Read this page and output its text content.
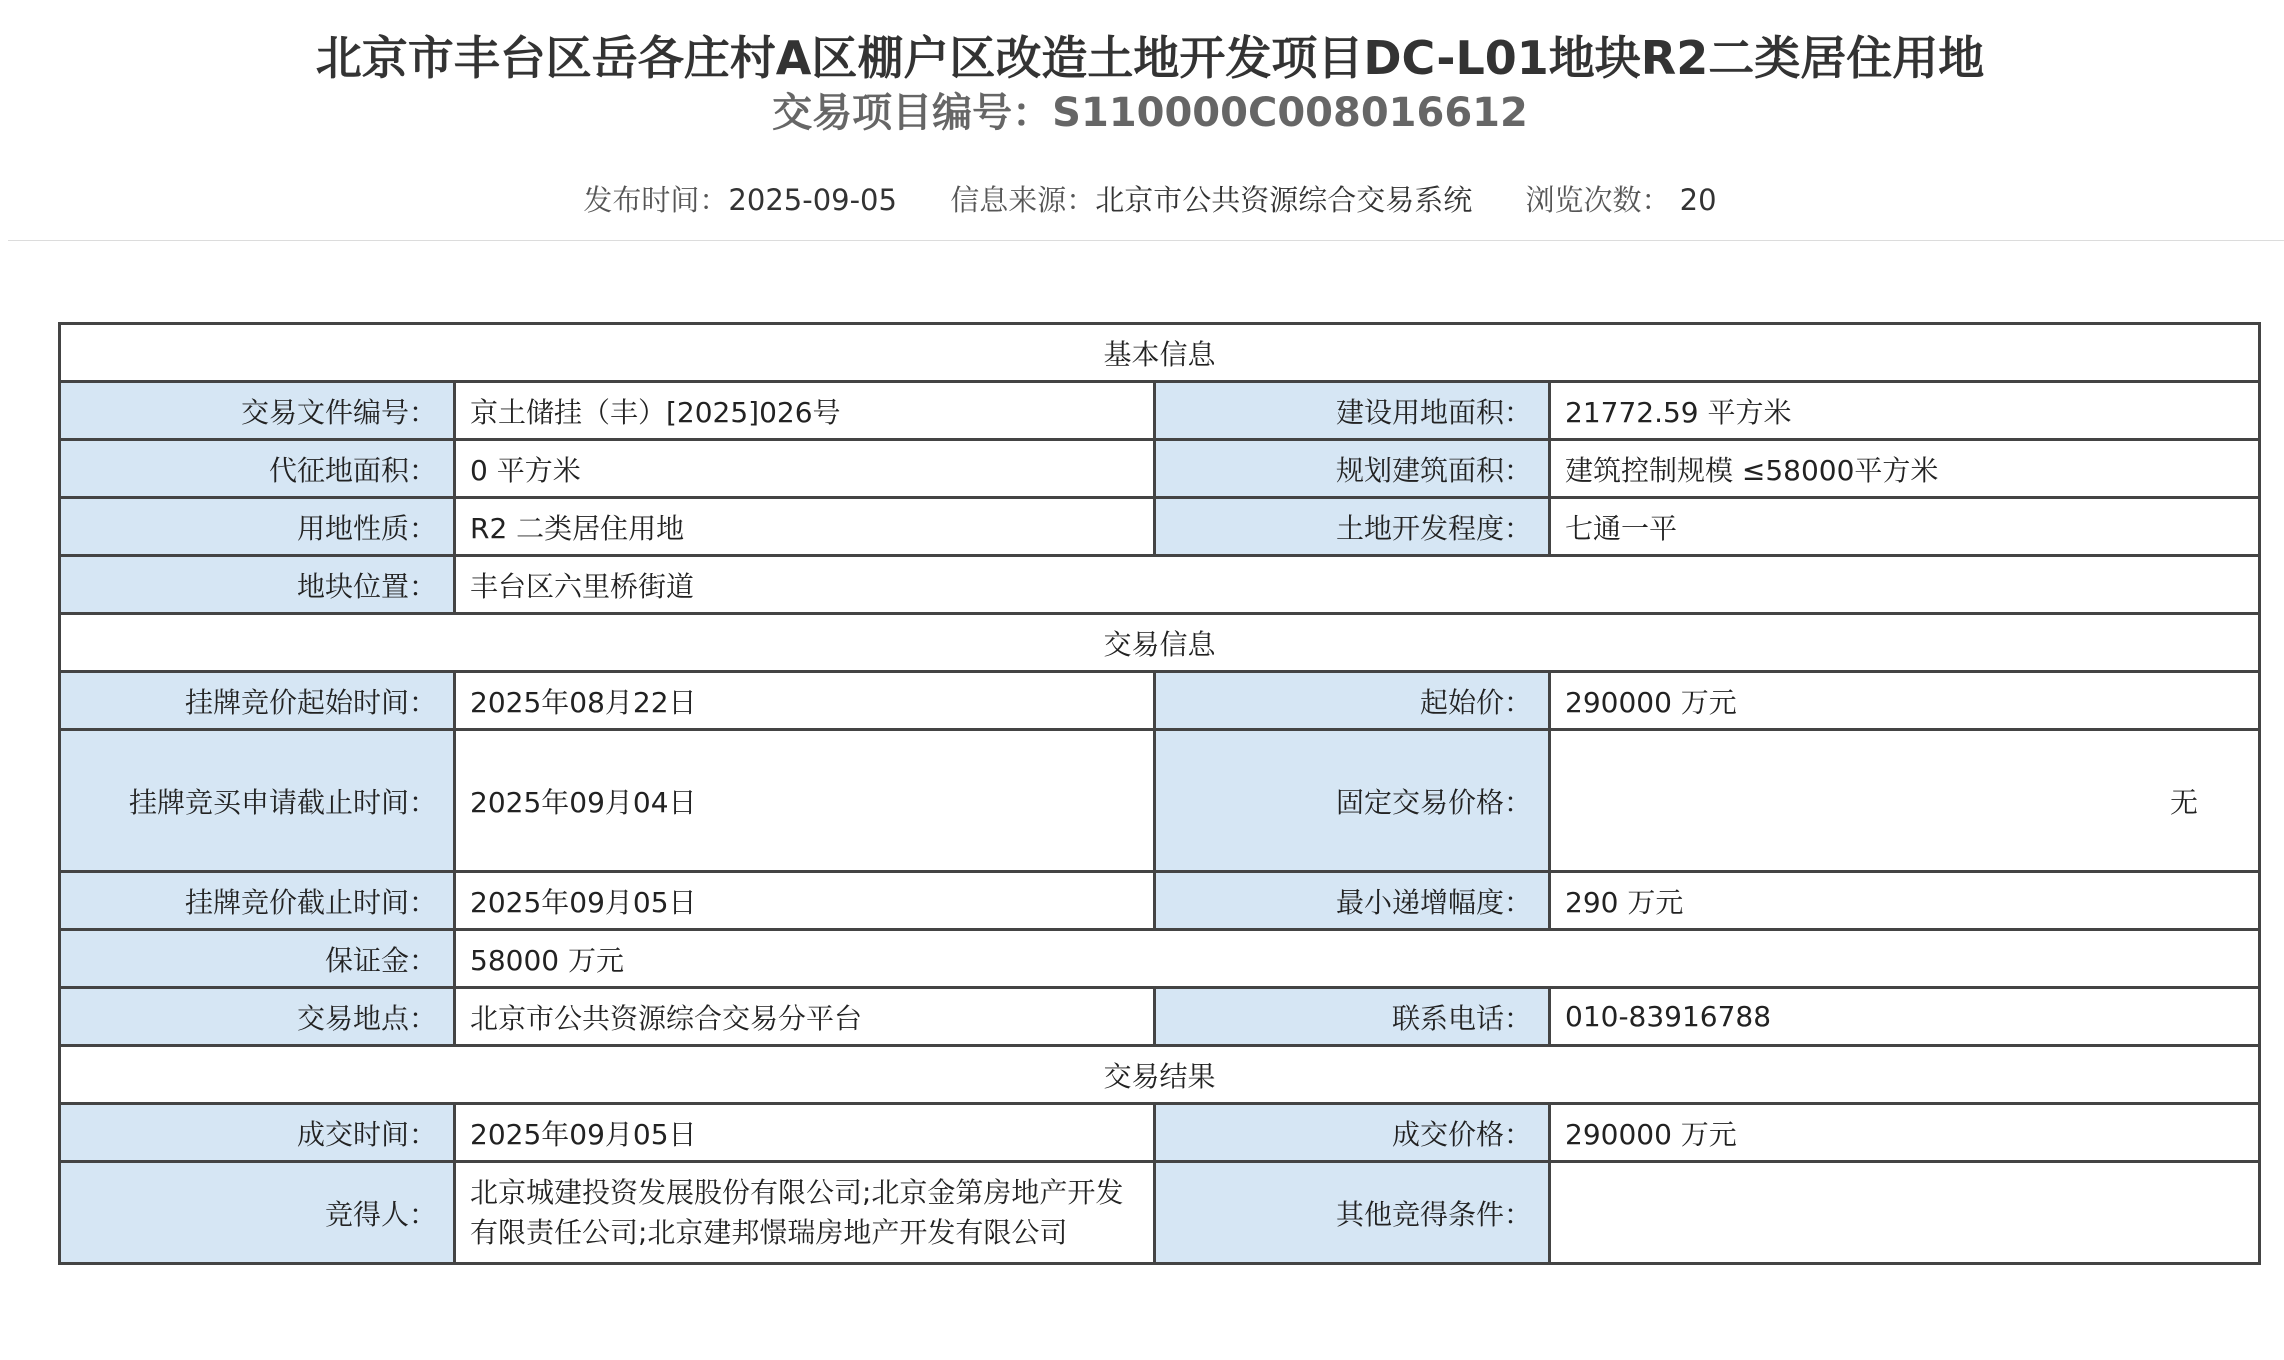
北京市丰台区岳各庄村A区棚户区改造土地开发项目DC-L01地块R2二类居住用地
交易项目编号：S110000C008016612
发布时间：2025-09-05 信息来源：北京市公共资源综合交易系统 浏览次数： 20
基本信息			
交易文件编号：	京土储挂（丰）[2025]026号	建设用地面积：	21772.59 平方米
代征地面积：	0 平方米	规划建筑面积：	建筑控制规模 ≤58000平方米
用地性质：	R2 二类居住用地	土地开发程度：	七通一平
地块位置：	丰台区六里桥街道		
交易信息			
挂牌竞价起始时间：	2025年08月22日	起始价：	290000 万元
挂牌竞买申请截止时间：	2025年09月04日	固定交易价格：	无
挂牌竞价截止时间：	2025年09月05日	最小递增幅度：	290 万元
保证金：	58000 万元		
交易地点：	北京市公共资源综合交易分平台	联系电话：	010-83916788
交易结果			
成交时间：	2025年09月05日	成交价格：	290000 万元
竞得人：	北京城建投资发展股份有限公司;北京金第房地产开发
有限责任公司;北京建邦憬瑞房地产开发有限公司	其他竞得条件：	
